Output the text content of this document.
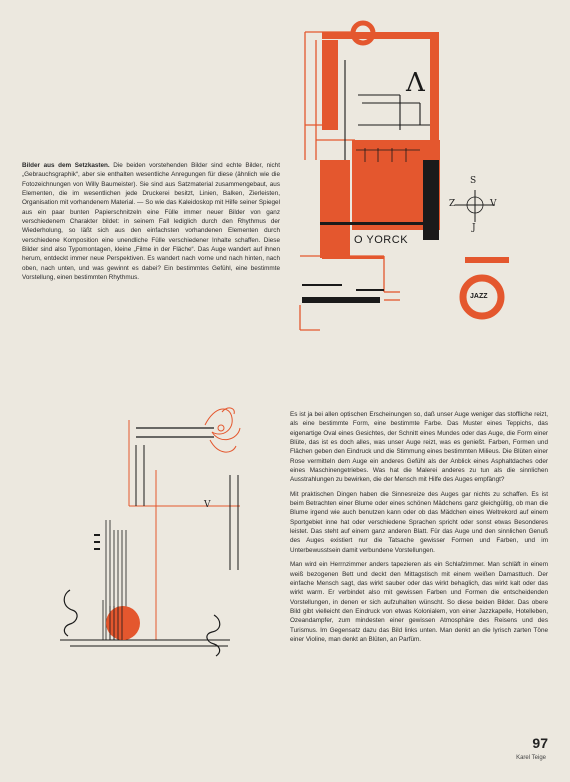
Λ
S
Z	V
J
O YORCK
JAZZ

Bilder aus dem Setzkasten. Die beiden vorstehenden Bilder sind echte Bilder, nicht „Gebrauchsgraphik“, aber sie enthalten wesentliche Anregungen für diese (ähnlich wie die Fotozeichnungen von Willy Baumeister). Sie sind aus Satzmaterial zusammengebaut, aus Elementen, die im wesentlichen jede Druckerei besitzt, Linien, Balken, Zierleisten, Organisation mit vorhandenem Material. — So wie das Kaleidoskop mit Hilfe seiner Spiegel aus ein paar bunten Papierschnitzeln eine Fülle immer neuer Bilder von ganz verschiedenem Charakter bildet: in seinem Fall lediglich durch den Rhythmus der Wiederholung, so läßt sich aus den einfachsten vorhandenen Elementen durch verschiedene Komposition eine unendliche Fülle verschiedener Inhalte schaffen. Diese Bilder sind also Typomontagen, kleine „Filme in der Fläche“. Das Auge wandert auf ihnen herum, entdeckt immer neue Perspektiven. Es wandert nach vorne und nach hinten, nach oben, nach unten, und was gewinnt es dabei? Ein bestimmtes Gefühl, eine bestimmte Vorstellung, einen bestimmten Rhythmus.

V

Es ist ja bei allen optischen Erscheinungen so, daß unser Auge weniger das stoffliche reizt, als eine bestimmte Form, eine bestimmte Farbe. Das Muster eines Teppichs, das eigenartige Oval eines Gesichtes, der Schnitt eines Mundes oder das Auge, die Form einer Blüte, das ist es doch alles, was unser Auge reizt, was es genießt. Farben, Formen und Flächen geben den Eindruck und die Stimmung eines bestimmten Milieus. Die Blüten einer Rose vermitteln dem Auge ein anderes Gefühl als der Anblick eines Asphaltdaches oder eines Maschinengetriebes. Was hat die Malerei anderes zu tun als die sinnlichen Ausstrahlungen zu bewirken, die der Mensch mit Hilfe des Auges empfängt?

Mit praktischen Dingen haben die Sinnesreize des Auges gar nichts zu schaffen. Es ist beim Betrachten einer Blume oder eines schönen Mädchens ganz gleichgültig, ob man die Blume irgend wie auch benutzen kann oder ob das Mädchen eines Weltrekord auf einem Sportgebiet inne hat oder verschiedene Sprachen spricht oder sonst etwas Besonderes leistet. Das steht auf einem ganz anderen Blatt. Für das Auge und den sinnlichen Genuß des Auges existiert nur die Tatsache gewisser Formen und Farben, und im Unterbewusstsein damit verbundene Vorstellungen.

Man wird ein Herrnzimmer anders tapezieren als ein Schlafzimmer. Man schläft in einem weiß bezogenen Bett und deckt den Mittagstisch mit einem weißen Damasttuch. Der einfache Mensch sagt, das wirkt sauber oder das wirkt behaglich, das wirkt kalt oder das wirkt warm. Er verbindet also mit gewissen Farben und Formen die entscheidenden Vorstellungen, in denen er sich aufzuhalten wünscht. So diese beiden Bilder. Das obere Bild gibt vielleicht den Eindruck von etwas Kolonialem, von einer Jazzkapelle, Hotelleben, Ozeandampfer, zum mindesten einer gewissen Atmosphäre des Reisens und des Turismus. Im Gegensatz dazu das Bild links unten. Man denkt an die lyrisch zarten Töne einer Violine, man denkt an Blüten, an Parfüm.

97
Karel Teige
